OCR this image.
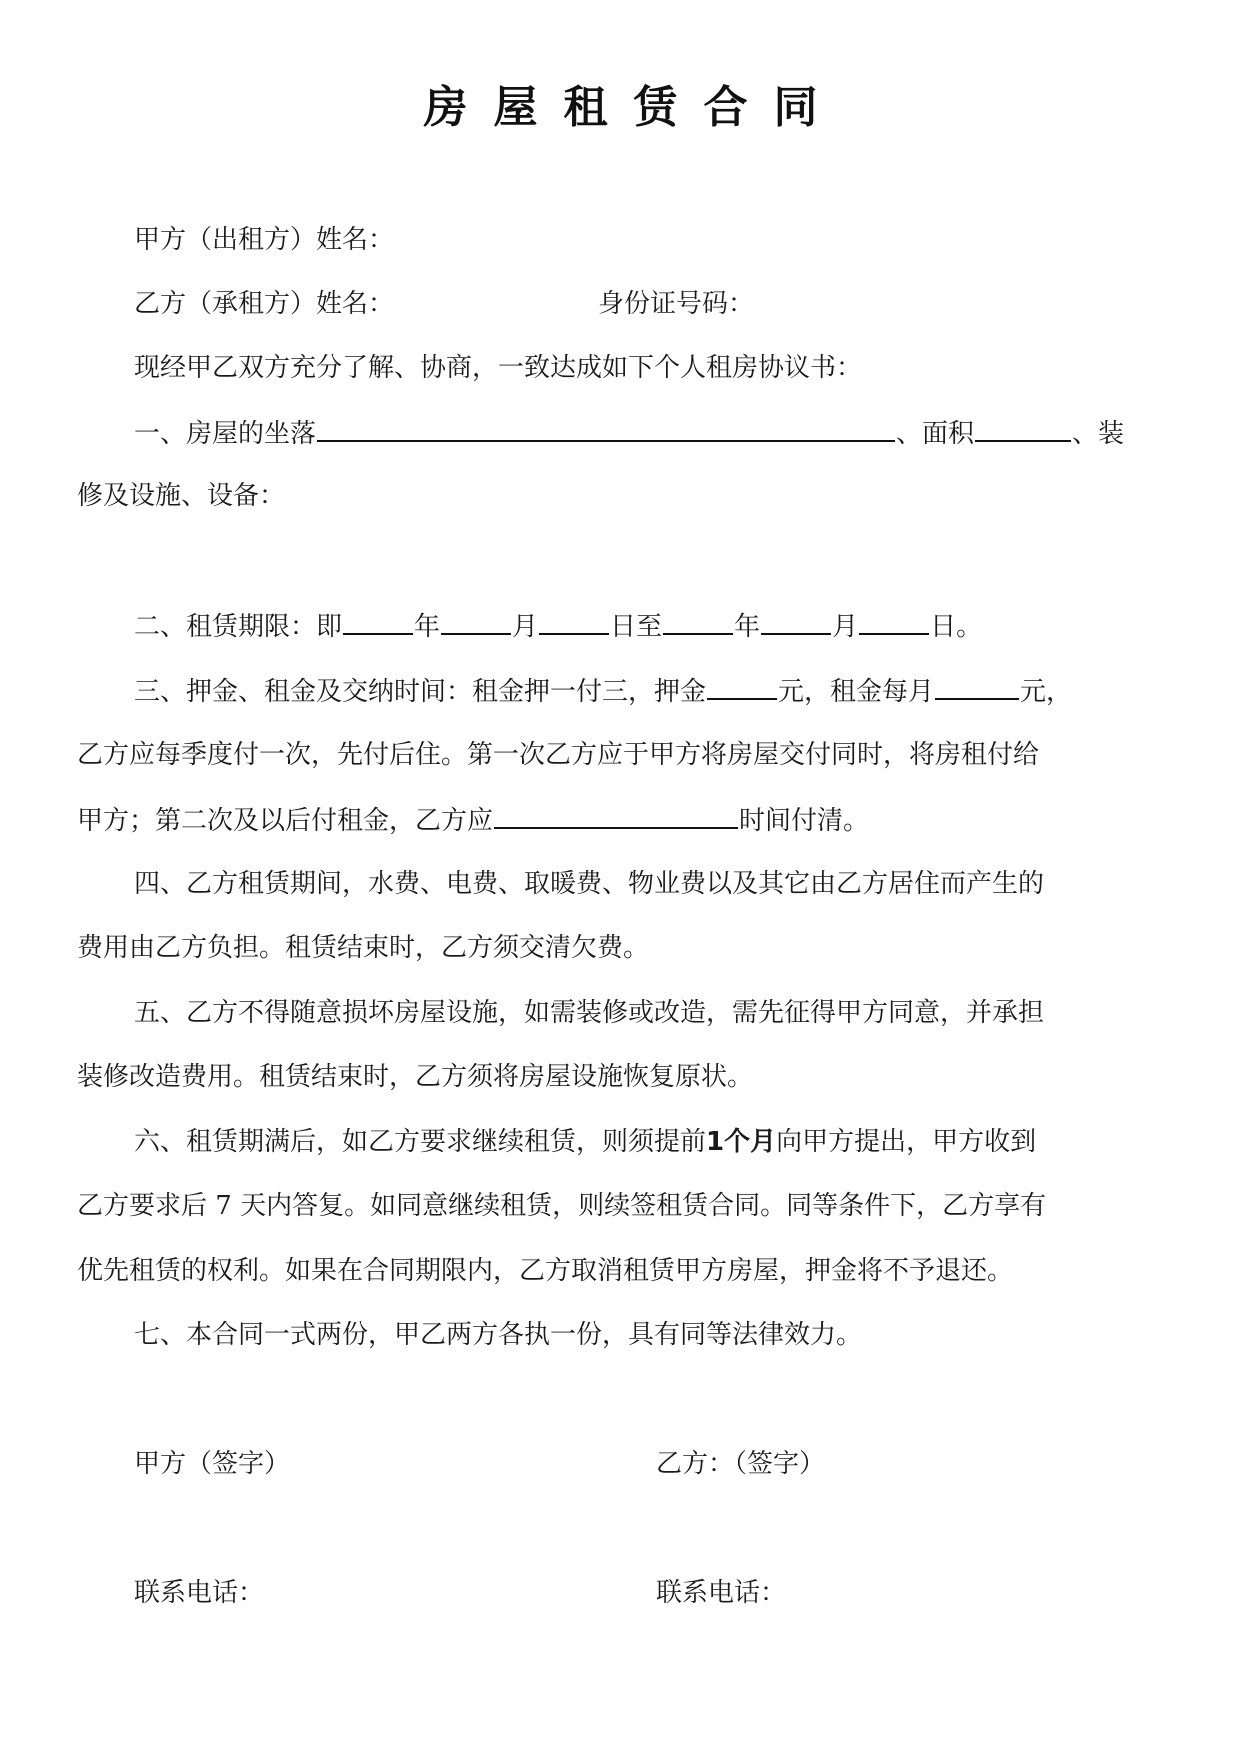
房屋租赁合同
甲方（出租方）姓名：
乙方（承租方）姓名：	身份证号码：
现经甲乙双方充分了解、协商，一致达成如下个人租房协议书：
一、房屋的坐落	、面积	、装
修及设施、设备：
二、租赁期限：即	年	月	日至	年	月	日。
三、押金、租金及交纳时间：租金押一付三，押金	元，租金每月	元，
乙方应每季度付一次，先付后住。第一次乙方应于甲方将房屋交付同时，将房租付给
甲方；第二次及以后付租金，乙方应	时间付清。
四、乙方租赁期间，水费、电费、取暖费、物业费以及其它由乙方居住而产生的
费用由乙方负担。租赁结束时，乙方须交清欠费。
五、乙方不得随意损坏房屋设施，如需装修或改造，需先征得甲方同意，并承担
装修改造费用。租赁结束时，乙方须将房屋设施恢复原状。
六、租赁期满后，如乙方要求继续租赁，则须提前1个月向甲方提出，甲方收到
乙方要求后 7 天内答复。如同意继续租赁，则续签租赁合同。同等条件下，乙方享有
优先租赁的权利。如果在合同期限内，乙方取消租赁甲方房屋，押金将不予退还。
七、本合同一式两份，甲乙两方各执一份，具有同等法律效力。
甲方（签字）	乙方：（签字）
联系电话：	联系电话：
